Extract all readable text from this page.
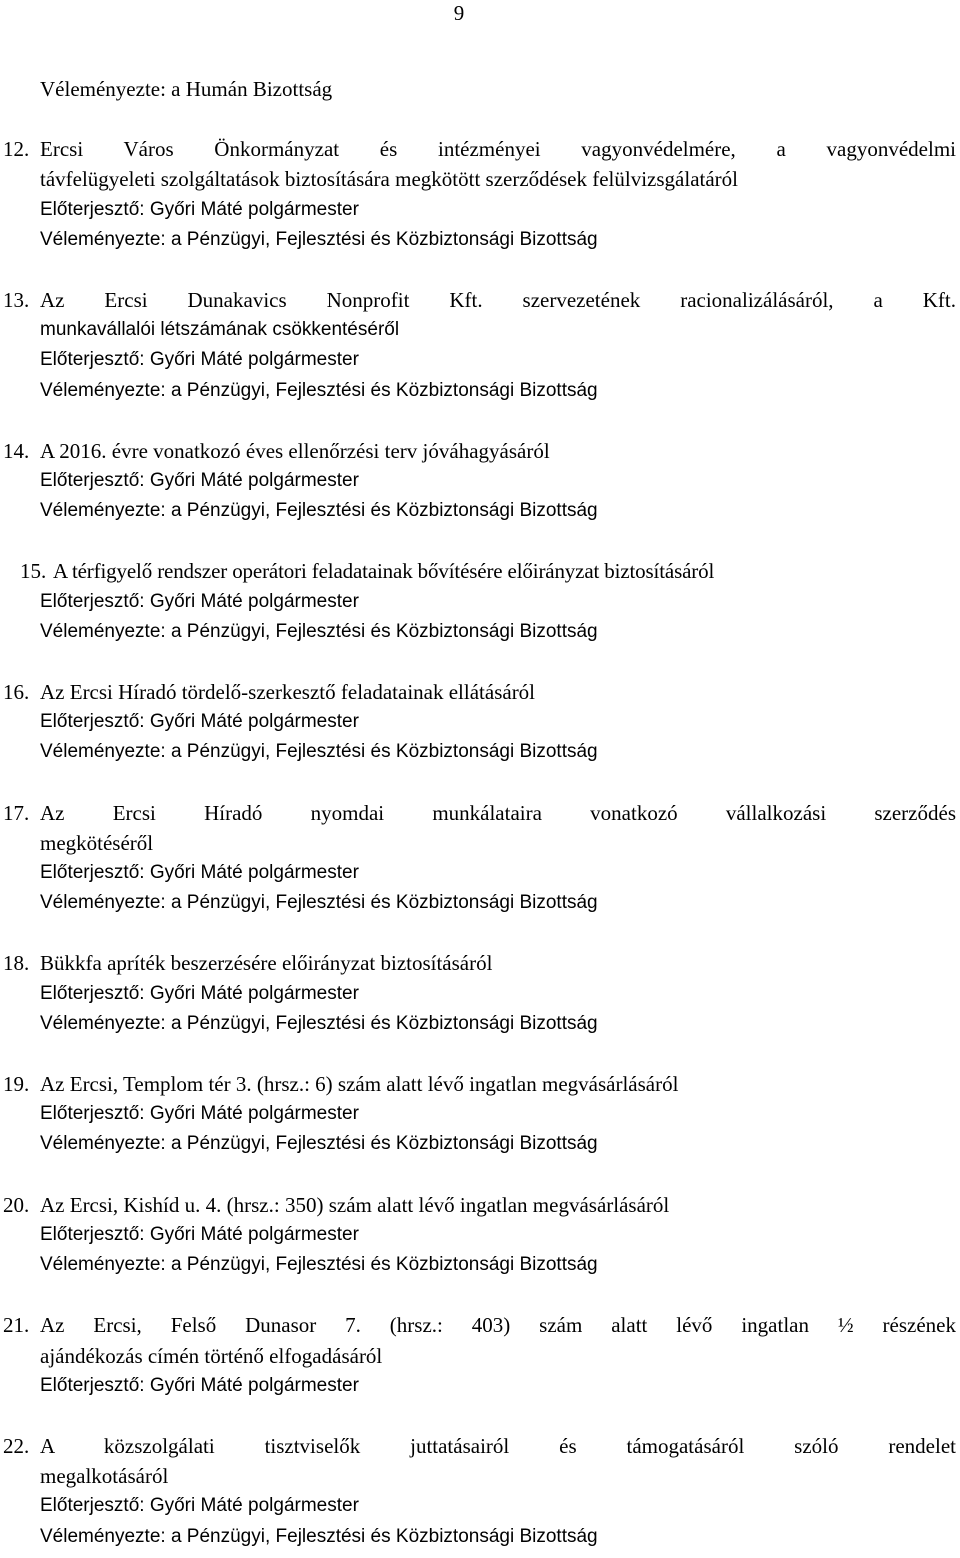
9
Véleményezte: a Humán Bizottság
12. Ercsi Város Önkormányzat és intézményei vagyonvédelmére, a vagyonvédelmi
távfelügyeleti szolgáltatások biztosítására megkötött szerződések felülvizsgálatáról
Előterjesztő: Győri Máté polgármester
Véleményezte: a Pénzügyi, Fejlesztési és Közbiztonsági Bizottság
13. Az Ercsi Dunakavics Nonprofit Kft. szervezetének racionalizálásáról, a Kft.
munkavállalói létszámának csökkentéséről
Előterjesztő: Győri Máté polgármester
Véleményezte: a Pénzügyi, Fejlesztési és Közbiztonsági Bizottság
14. A 2016. évre vonatkozó éves ellenőrzési terv jóváhagyásáról
Előterjesztő: Győri Máté polgármester
Véleményezte: a Pénzügyi, Fejlesztési és Közbiztonsági Bizottság
15. A térfigyelő rendszer operátori feladatainak bővítésére előirányzat biztosításáról
Előterjesztő: Győri Máté polgármester
Véleményezte: a Pénzügyi, Fejlesztési és Közbiztonsági Bizottság
16. Az Ercsi Híradó tördelő-szerkesztő feladatainak ellátásáról
Előterjesztő: Győri Máté polgármester
Véleményezte: a Pénzügyi, Fejlesztési és Közbiztonsági Bizottság
17. Az Ercsi Híradó nyomdai munkálataira vonatkozó vállalkozási szerződés
megkötéséről
Előterjesztő: Győri Máté polgármester
Véleményezte: a Pénzügyi, Fejlesztési és Közbiztonsági Bizottság
18. Bükkfa apríték beszerzésére előirányzat biztosításáról
Előterjesztő: Győri Máté polgármester
Véleményezte: a Pénzügyi, Fejlesztési és Közbiztonsági Bizottság
19. Az Ercsi, Templom tér 3. (hrsz.: 6) szám alatt lévő ingatlan megvásárlásáról
Előterjesztő: Győri Máté polgármester
Véleményezte: a Pénzügyi, Fejlesztési és Közbiztonsági Bizottság
20. Az Ercsi, Kishíd u. 4. (hrsz.: 350) szám alatt lévő ingatlan megvásárlásáról
Előterjesztő: Győri Máté polgármester
Véleményezte: a Pénzügyi, Fejlesztési és Közbiztonsági Bizottság
21. Az Ercsi, Felső Dunasor 7. (hrsz.: 403) szám alatt lévő ingatlan ½ részének
ajándékozás címén történő elfogadásáról
Előterjesztő: Győri Máté polgármester
22. A közszolgálati tisztviselők juttatásairól és támogatásáról szóló rendelet
megalkotásáról
Előterjesztő: Győri Máté polgármester
Véleményezte: a Pénzügyi, Fejlesztési és Közbiztonsági Bizottság
